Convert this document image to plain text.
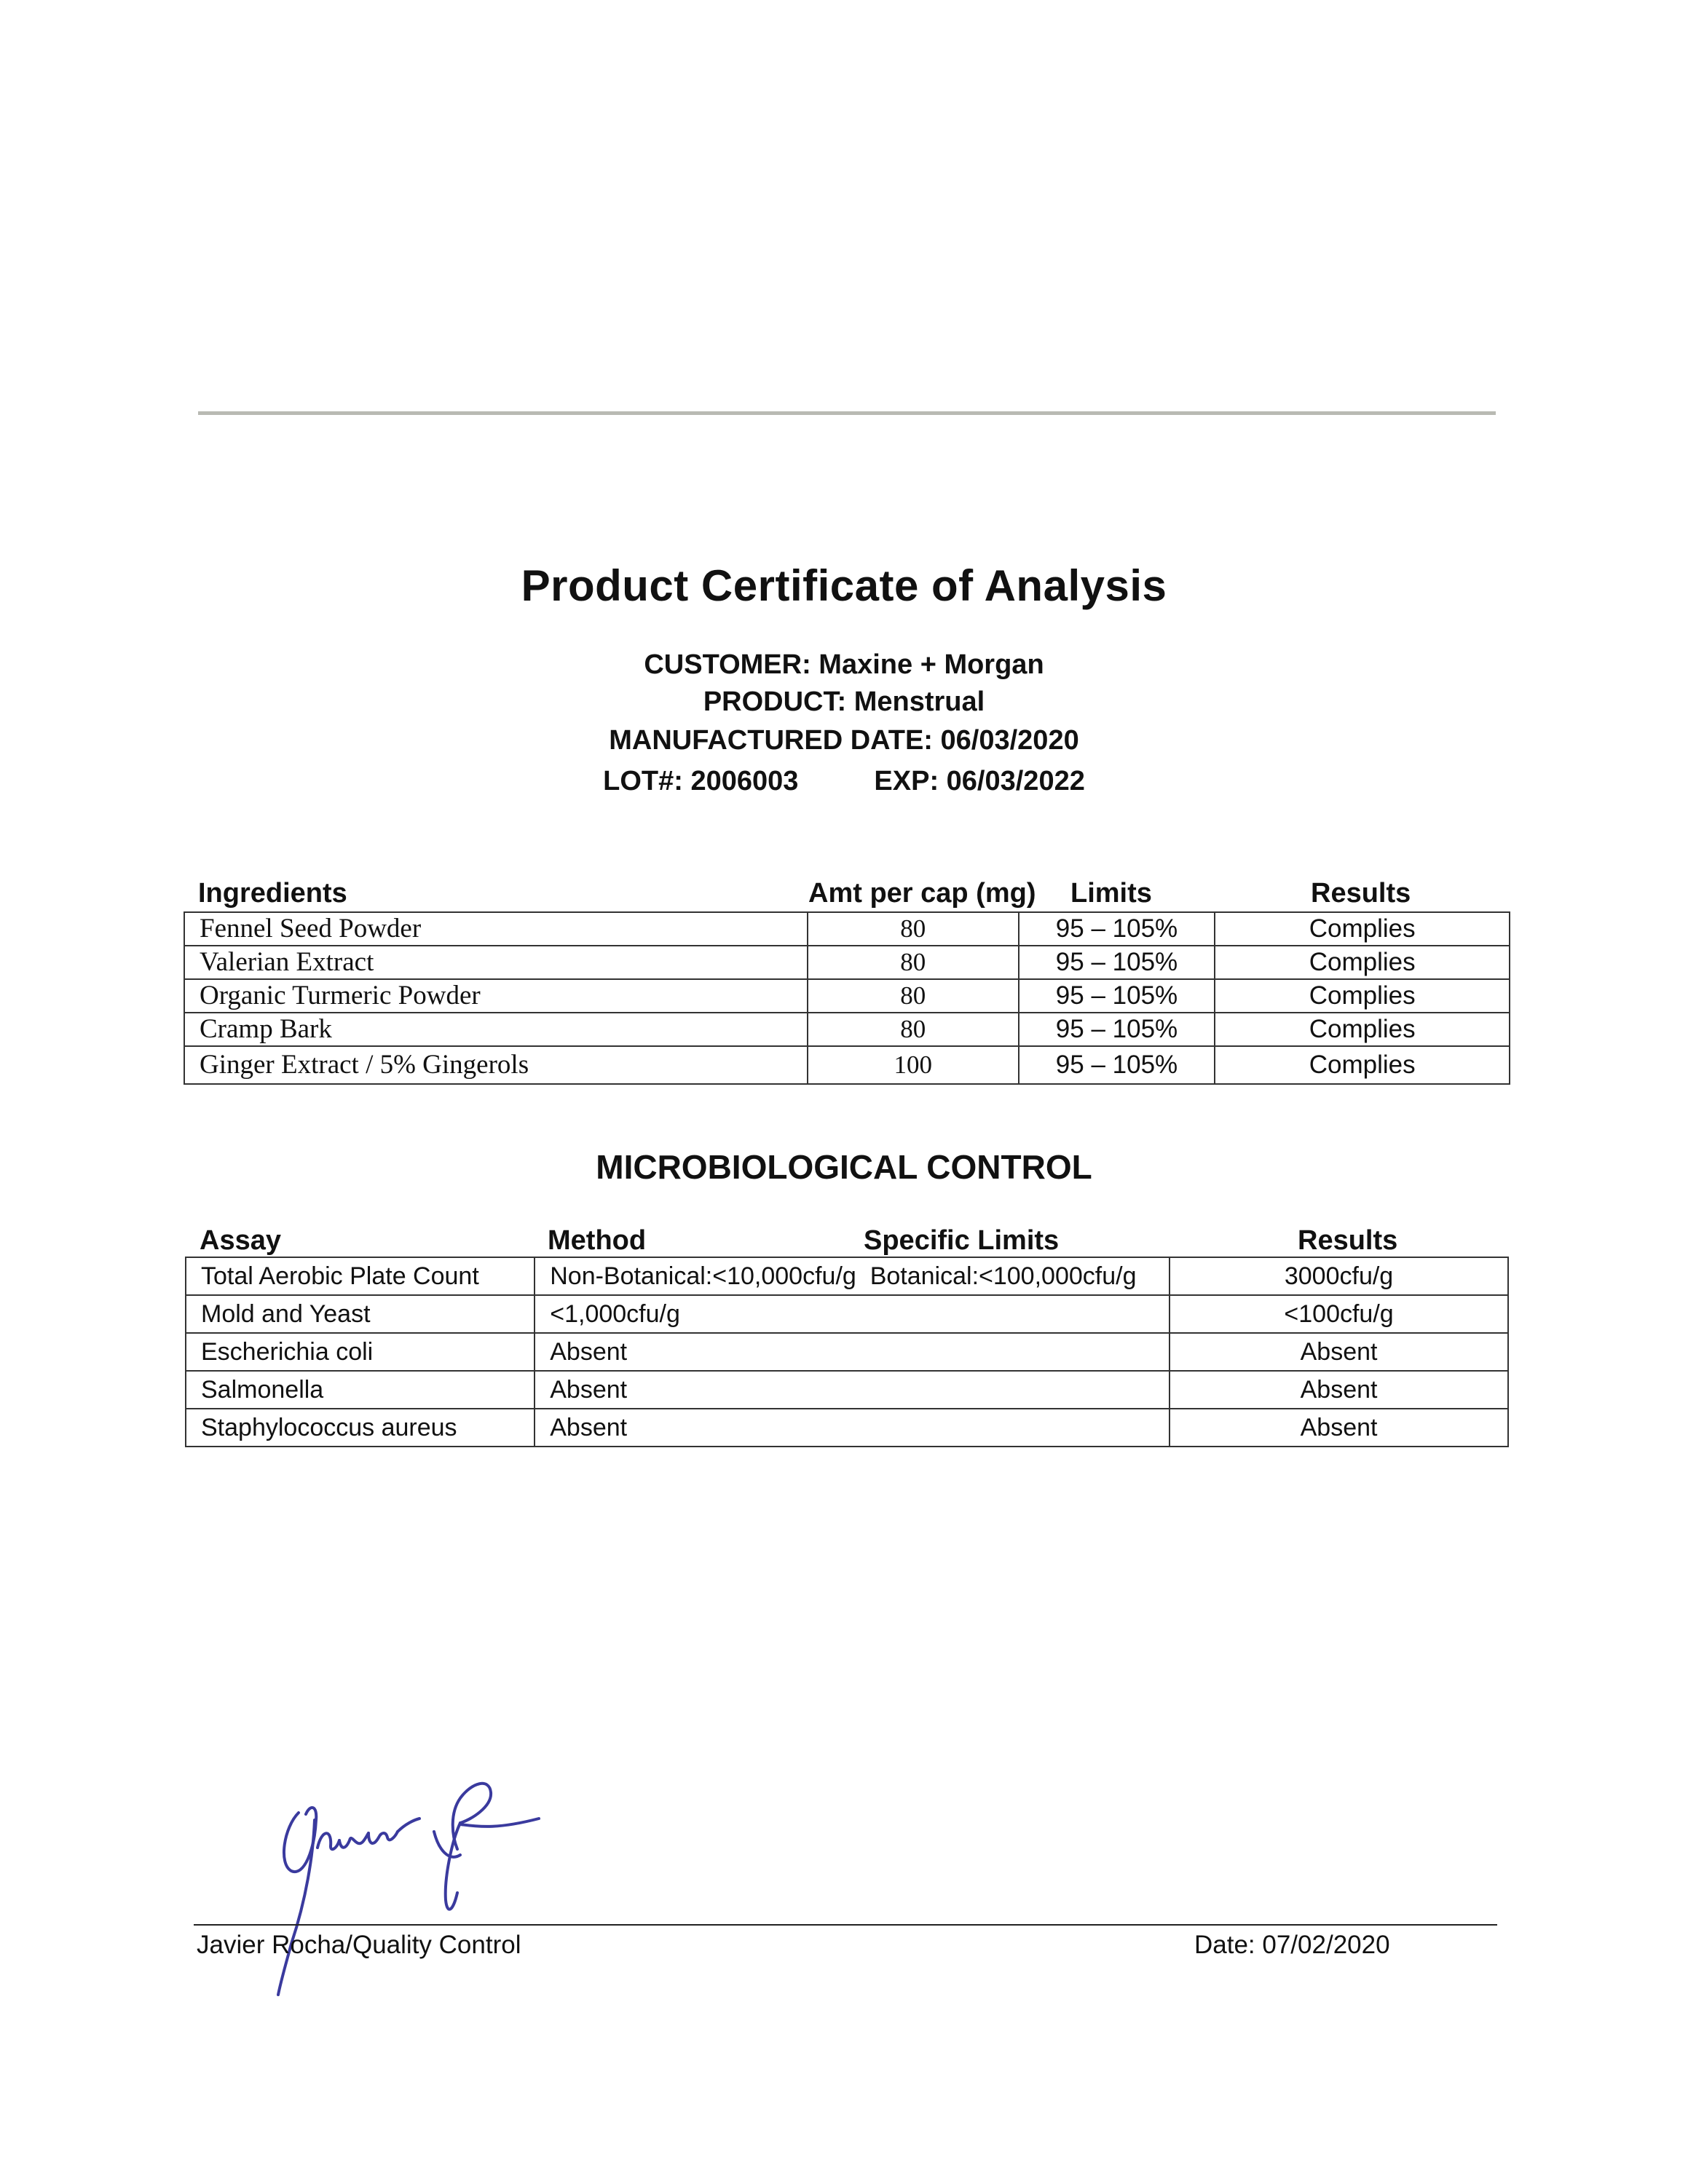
Product Certificate of Analysis
CUSTOMER: Maxine + Morgan
PRODUCT: Menstrual
MANUFACTURED DATE: 06/03/2020
LOT#: 2006003	EXP: 06/03/2022
Ingredients	Amt per cap (mg) Limits	Results
Fennel Seed Powder	80	95 – 105%	Complies
Valerian Extract	80	95 – 105%	Complies
Organic Turmeric Powder	80	95 – 105%	Complies
Cramp Bark	80	95 – 105%	Complies
Ginger Extract / 5% Gingerols	100	95 – 105%	Complies
MICROBIOLOGICAL CONTROL
Assay	Method	Specific Limits	Results
Total Aerobic Plate Count	Non-Botanical:<10,000cfu/g  Botanical:<100,000cfu/g	3000cfu/g
Mold and Yeast	<1,000cfu/g	<100cfu/g
Escherichia coli	Absent	Absent
Salmonella	Absent	Absent
Staphylococcus aureus	Absent	Absent
Javier Rocha/Quality Control	Date: 07/02/2020
